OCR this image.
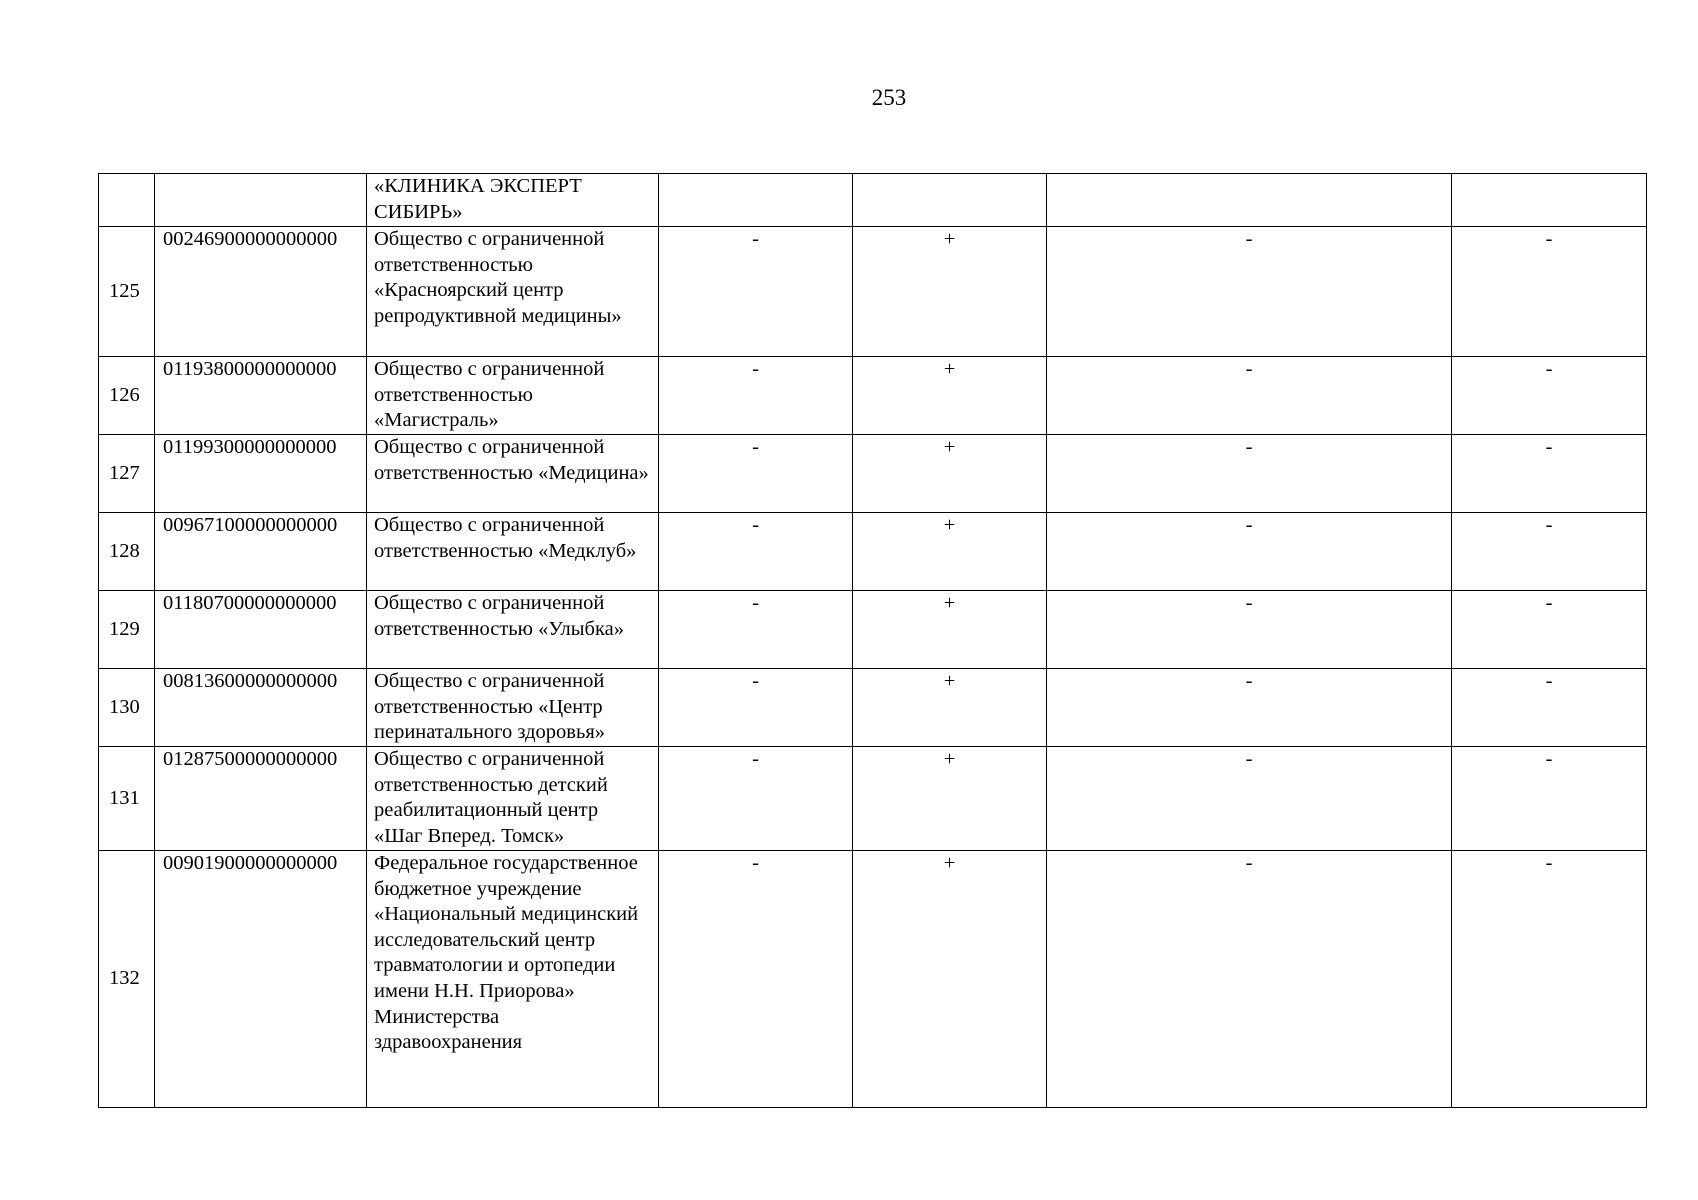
253
		«КЛИНИКА ЭКСПЕРТ СИБИРЬ»				
125	00246900000000000	Общество с ограниченной ответственностью «Красноярский центр репродуктивной медицины»	-	+	-	-
126	01193800000000000	Общество с ограниченной ответственностью «Магистраль»	-	+	-	-
127	01199300000000000	Общество с ограниченной ответственностью «Медицина»	-	+	-	-
128	00967100000000000	Общество с ограниченной ответственностью «Медклуб»	-	+	-	-
129	01180700000000000	Общество с ограниченной ответственностью «Улыбка»	-	+	-	-
130	00813600000000000	Общество с ограниченной ответственностью «Центр перинатального здоровья»	-	+	-	-
131	01287500000000000	Общество с ограниченной ответственностью детский реабилитационный центр «Шаг Вперед. Томск»	-	+	-	-
132	00901900000000000	Федеральное государственное бюджетное учреждение «Национальный медицинский исследовательский центр травматологии и ортопедии имени Н.Н. Приорова» Министерства здравоохранения	-	+	-	-
